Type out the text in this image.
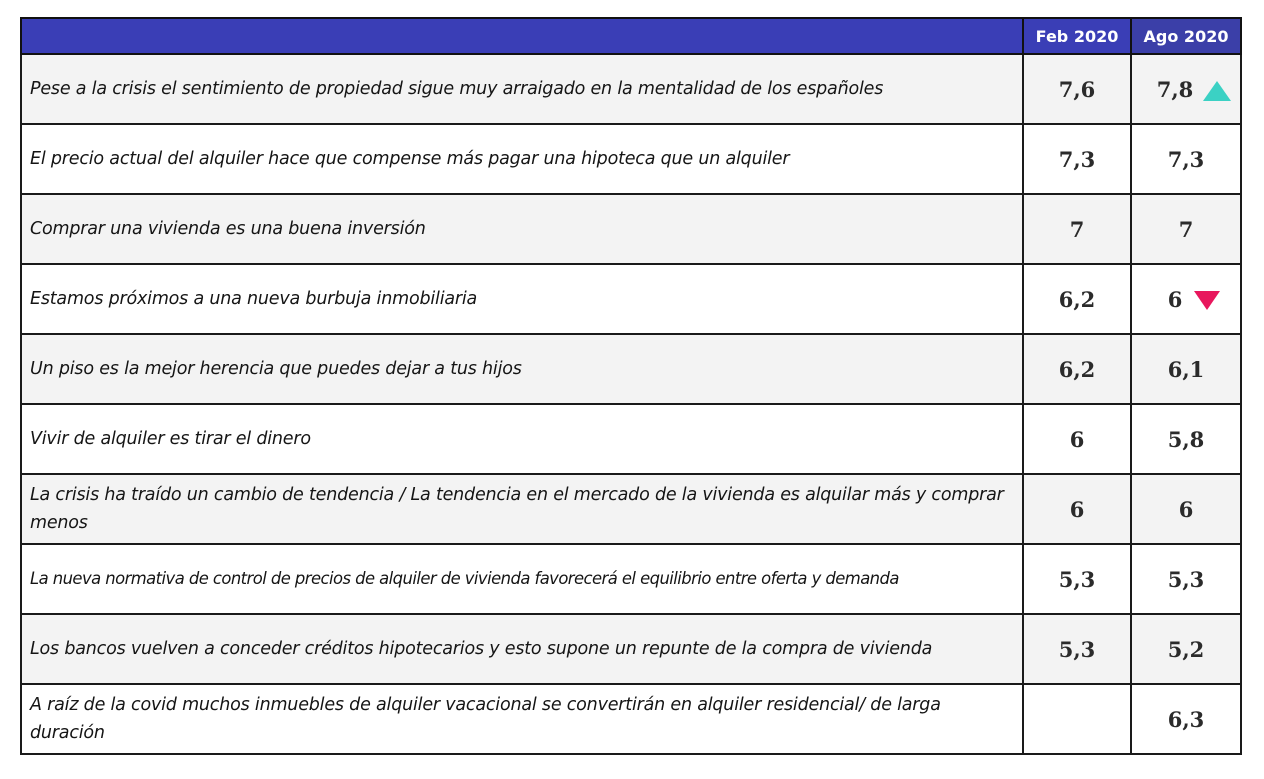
	Feb 2020	Ago 2020
Pese a la crisis el sentimiento de propiedad sigue muy arraigado en la mentalidad de los españoles	7,6	7,8

El precio actual del alquiler hace que compense más pagar una hipoteca que un alquiler	7,3	7,3

Comprar una vivienda es una buena inversión	7	7

Estamos próximos a una nueva burbuja inmobiliaria	6,2	6

Un piso es la mejor herencia que puedes dejar a tus hijos	6,2	6,1

Vivir de alquiler es tirar el dinero	6	5,8

La crisis ha traído un cambio de tendencia / La tendencia en el mercado de la vivienda es alquilar más y comprar menos	6	6

La nueva normativa de control de precios de alquiler de vivienda favorecerá el equilibrio entre oferta y demanda	5,3	5,3

Los bancos vuelven a conceder créditos hipotecarios y esto supone un repunte de la compra de vivienda	5,3	5,2

A raíz de la covid muchos inmuebles de alquiler vacacional se convertirán en alquiler residencial/ de larga duración		6,3
